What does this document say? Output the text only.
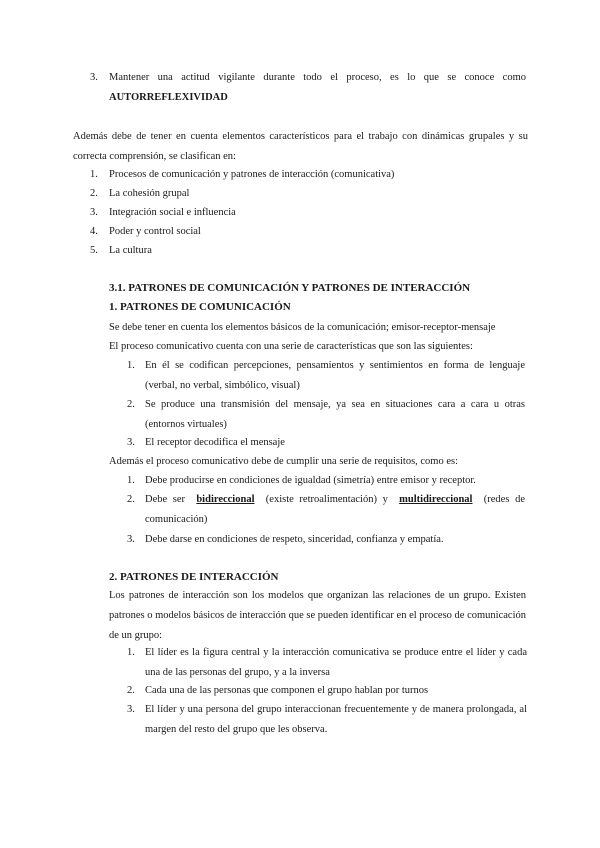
3. Mantener una actitud vigilante durante todo el proceso, es lo que se conoce como
AUTORREFLEXIVIDAD
Además debe de tener en cuenta elementos característicos para el trabajo con dinámicas grupales y su correcta comprensión, se clasifican en:
1. Procesos de comunicación y patrones de interacción (comunicativa)
2. La cohesión grupal
3. Integración social e influencia
4. Poder y control social
5. La cultura
3.1. PATRONES DE COMUNICACIÓN Y PATRONES DE INTERACCIÓN
1. PATRONES DE COMUNICACIÓN
Se debe tener en cuenta los elementos básicos de la comunicación; emisor-receptor-mensaje
El proceso comunicativo cuenta con una serie de características que son las siguientes:
1. En él se codifican percepciones, pensamientos y sentimientos en forma de lenguaje (verbal, no verbal, simbólico, visual)
2. Se produce una transmisión del mensaje, ya sea en situaciones cara a cara u otras (entornos virtuales)
3. El receptor decodifica el mensaje
Además el proceso comunicativo debe de cumplir una serie de requisitos, como es:
1. Debe producirse en condiciones de igualdad (simetría) entre emisor y receptor.
2. Debe ser bidireccional (existe retroalimentación) y multidireccional (redes de comunicación)
3. Debe darse en condiciones de respeto, sinceridad, confianza y empatía.
2. PATRONES DE INTERACCIÓN
Los patrones de interacción son los modelos que organizan las relaciones de un grupo. Existen patrones o modelos básicos de interacción que se pueden identificar en el proceso de comunicación de un grupo:
1. El líder es la figura central y la interacción comunicativa se produce entre el líder y cada una de las personas del grupo, y a la inversa
2. Cada una de las personas que componen el grupo hablan por turnos
3. El líder y una persona del grupo interaccionan frecuentemente y de manera prolongada, al margen del resto del grupo que les observa.
